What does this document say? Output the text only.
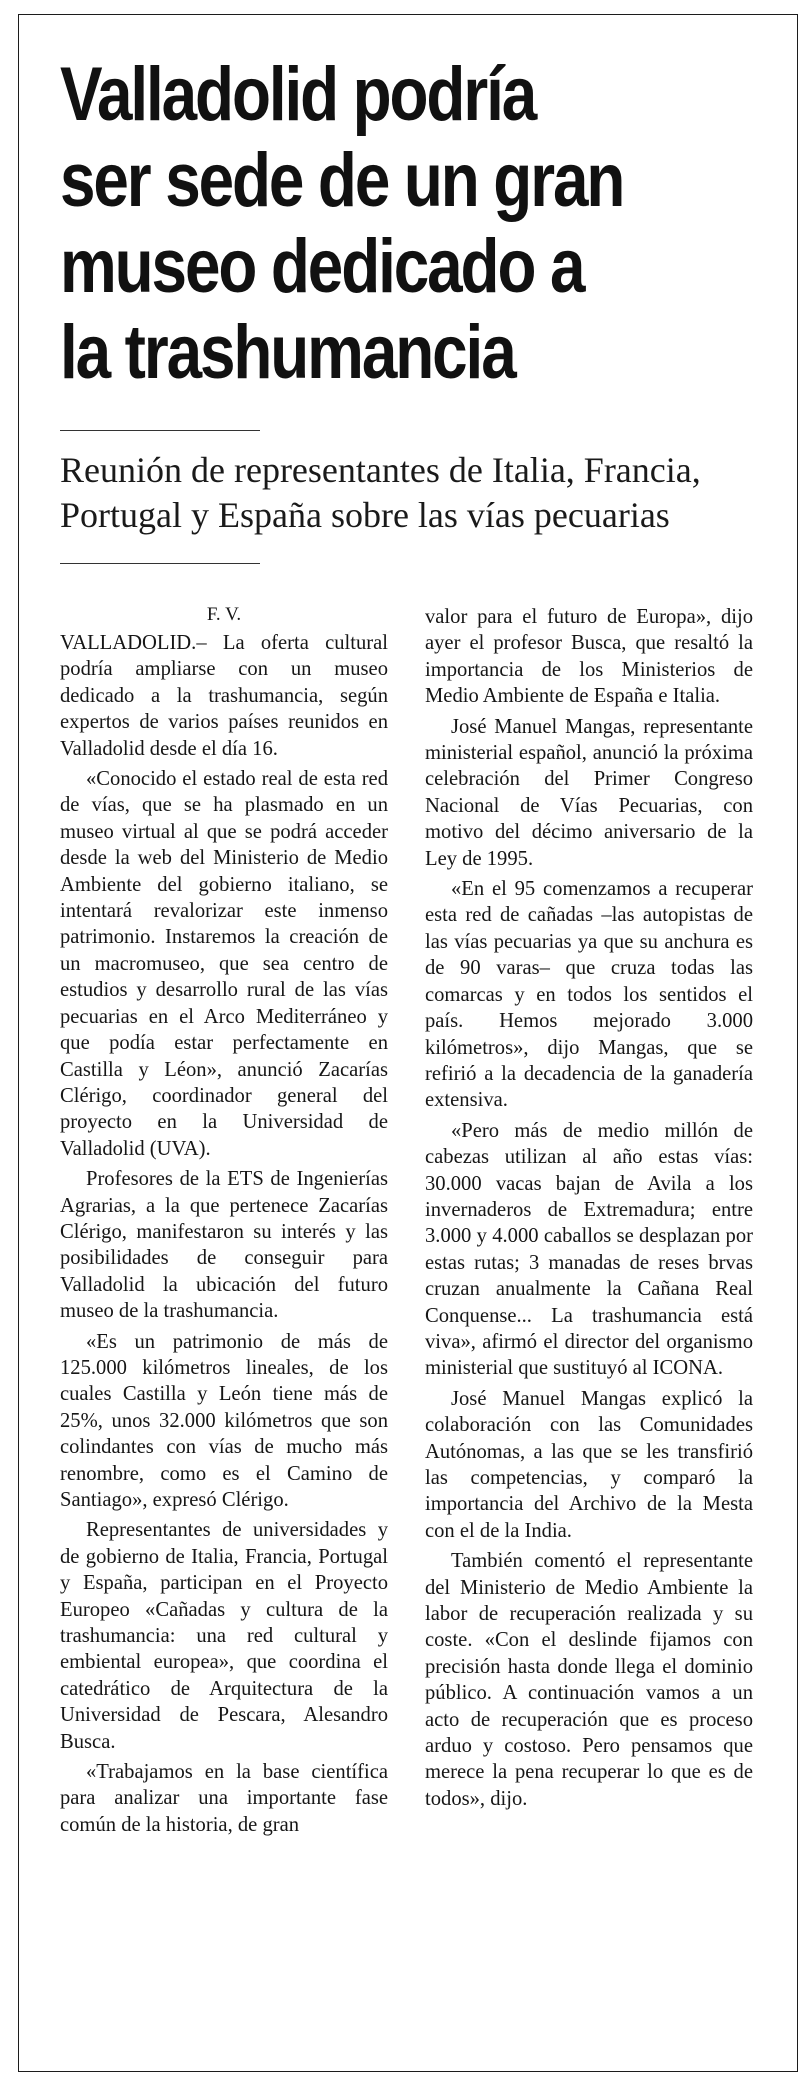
Valladolid podría
ser sede de un gran
museo dedicado a
la trashumancia
Reunión de representantes de Italia, Francia, Portugal y España sobre las vías pecuarias

F. V.

VALLADOLID.– La oferta cultural podría ampliarse con un museo dedicado a la trashumancia, según expertos de varios países reunidos en Valladolid desde el día 16.

«Conocido el estado real de esta red de vías, que se ha plasmado en un museo virtual al que se podrá acceder desde la web del Ministerio de Medio Ambiente del gobierno italiano, se intentará revalorizar este inmenso patrimonio. Instaremos la creación de un macromuseo, que sea centro de estudios y desarrollo rural de las vías pecuarias en el Arco Mediterráneo y que podía estar perfectamente en Castilla y Léon», anunció Zacarías Clérigo, coordinador general del proyecto en la Universidad de Valladolid (UVA).

Profesores de la ETS de Ingenierías Agrarias, a la que pertenece Zacarías Clérigo, manifestaron su interés y las posibilidades de conseguir para Valladolid la ubicación del futuro museo de la trashumancia.

«Es un patrimonio de más de 125.000 kilómetros lineales, de los cuales Castilla y León tiene más de 25%, unos 32.000 kilómetros que son colindantes con vías de mucho más renombre, como es el Camino de Santiago», expresó Clérigo.

Representantes de universidades y de gobierno de Italia, Francia, Portugal y España, participan en el Proyecto Europeo «Cañadas y cultura de la trashumancia: una red cultural y embiental europea», que coordina el catedrático de Arquitectura de la Universidad de Pescara, Alesandro Busca.

«Trabajamos en la base científica para analizar una importante fase común de la historia, de gran

valor para el futuro de Europa», dijo ayer el profesor Busca, que resaltó la importancia de los Ministerios de Medio Ambiente de España e Italia.

José Manuel Mangas, representante ministerial español, anunció la próxima celebración del Primer Congreso Nacional de Vías Pecuarias, con motivo del décimo aniversario de la Ley de 1995.

«En el 95 comenzamos a recuperar esta red de cañadas –las autopistas de las vías pecuarias ya que su anchura es de 90 varas– que cruza todas las comarcas y en todos los sentidos el país. Hemos mejorado 3.000 kilómetros», dijo Mangas, que se refirió a la decadencia de la ganadería extensiva.

«Pero más de medio millón de cabezas utilizan al año estas vías: 30.000 vacas bajan de Avila a los invernaderos de Extremadura; entre 3.000 y 4.000 caballos se desplazan por estas rutas; 3 manadas de reses brvas cruzan anualmente la Cañana Real Conquense... La trashumancia está viva», afirmó el director del organismo ministerial que sustituyó al ICONA.

José Manuel Mangas explicó la colaboración con las Comunidades Autónomas, a las que se les transfirió las competencias, y comparó la importancia del Archivo de la Mesta con el de la India.

También comentó el representante del Ministerio de Medio Ambiente la labor de recuperación realizada y su coste. «Con el deslinde fijamos con precisión hasta donde llega el dominio público. A continuación vamos a un acto de recuperación que es proceso arduo y costoso. Pero pensamos que merece la pena recuperar lo que es de todos», dijo.
